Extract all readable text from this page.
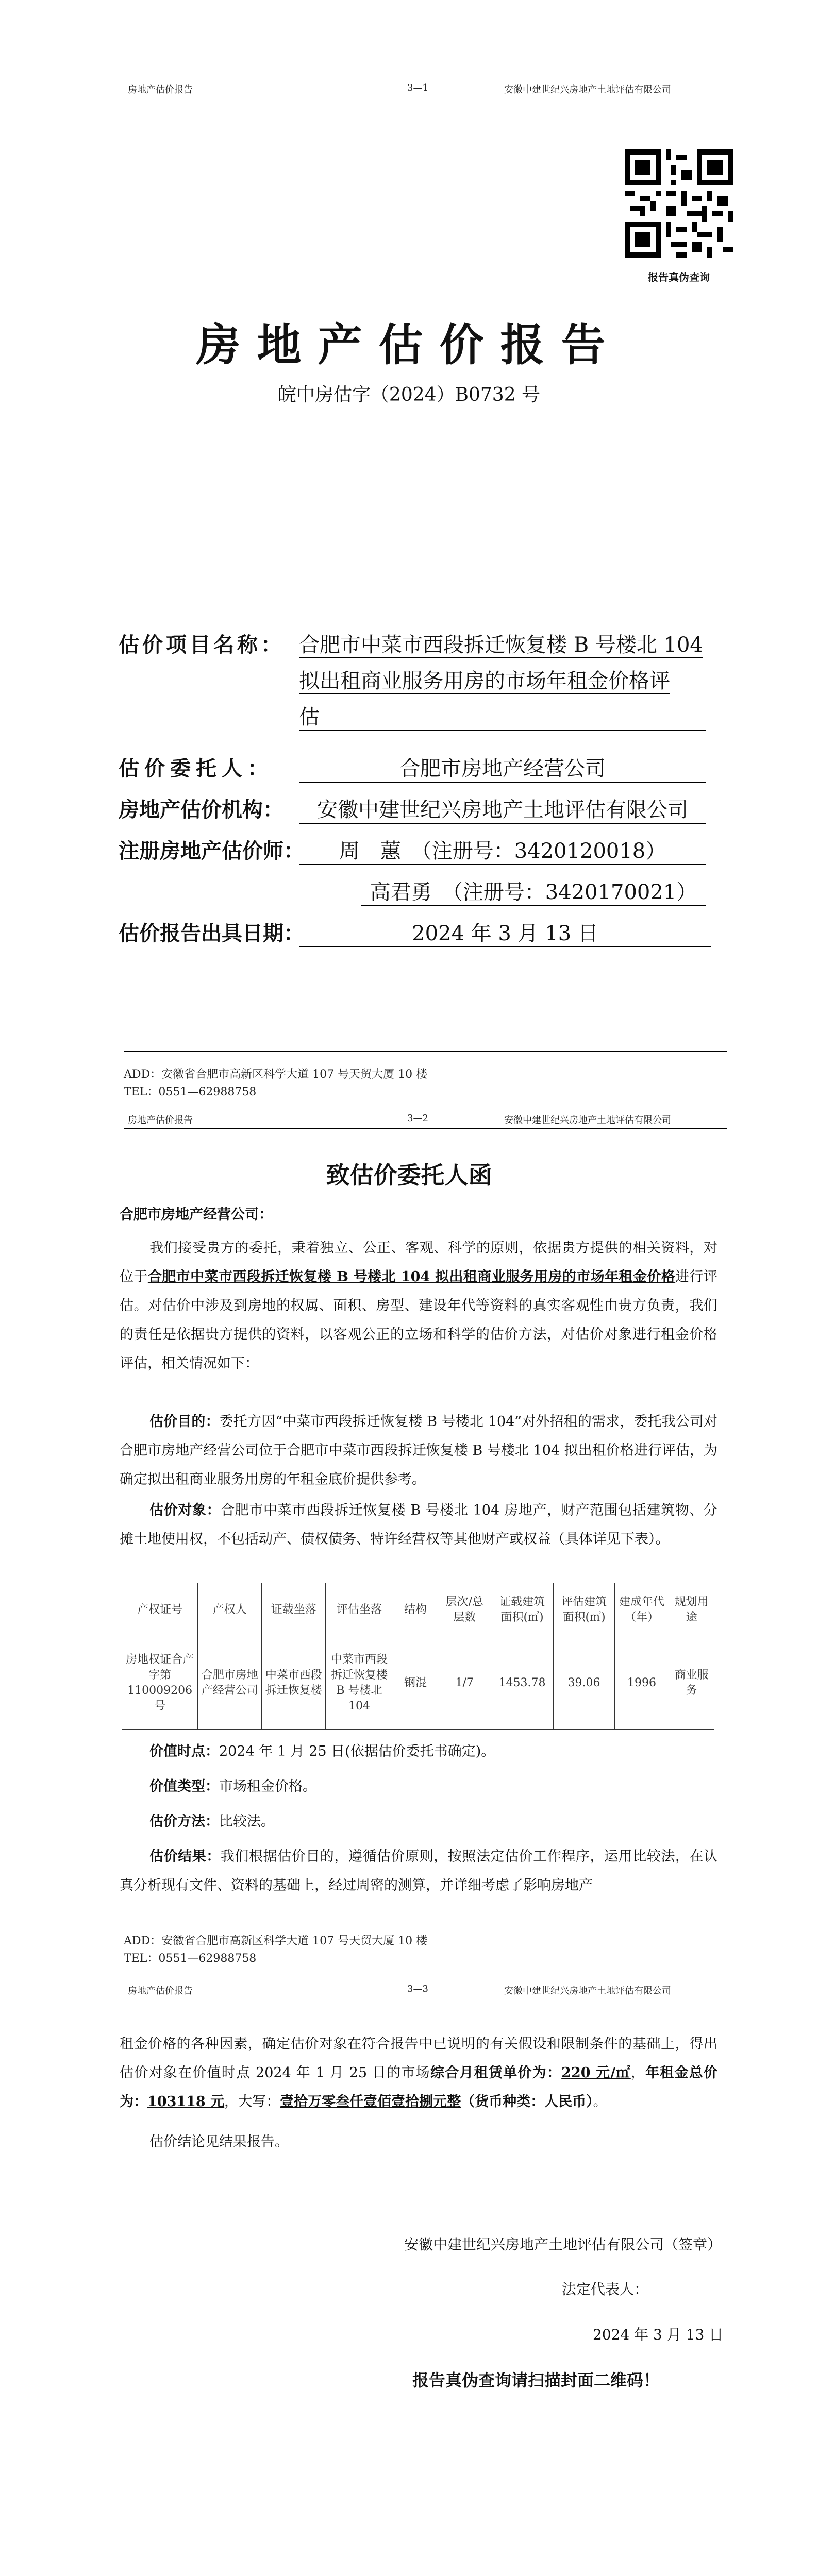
房地产估价报告	3—1	安徽中建世纪兴房地产土地评估有限公司
报告真伪查询
房地产估价报告
皖中房估字（2024）B0732 号
估价项目名称： 合肥市中菜市西段拆迁恢复楼 B 号楼北 104
拟出租商业服务用房的市场年租金价格评
估
估价委托人：	合肥市房地产经营公司
房地产估价机构：	安徽中建世纪兴房地产土地评估有限公司
注册房地产估价师：	周　蕙　（注册号：3420120018）
高君勇　（注册号：3420170021）
估价报告出具日期：	2024 年 3 月 13 日
ADD：安徽省合肥市高新区科学大道 107 号天贸大厦 10 楼
TEL：0551—62988758
房地产估价报告	3—2	安徽中建世纪兴房地产土地评估有限公司
致估价委托人函
合肥市房地产经营公司：
我们接受贵方的委托，秉着独立、公正、客观、科学的原则，依据贵方提供的相关资料，对位于合肥市中菜市西段拆迁恢复楼 B 号楼北 104 拟出租商业服务用房的市场年租金价格进行评估。对估价中涉及到房地的权属、面积、房型、建设年代等资料的真实客观性由贵方负责，我们的责任是依据贵方提供的资料，以客观公正的立场和科学的估价方法，对估价对象进行租金价格评估，相关情况如下：
估价目的：委托方因“中菜市西段拆迁恢复楼 B 号楼北 104”对外招租的需求，委托我公司对合肥市房地产经营公司位于合肥市中菜市西段拆迁恢复楼 B 号楼北 104 拟出租价格进行评估，为确定拟出租商业服务用房的年租金底价提供参考。
估价对象：合肥市中菜市西段拆迁恢复楼 B 号楼北 104 房地产，财产范围包括建筑物、分摊土地使用权，不包括动产、债权债务、特许经营权等其他财产或权益（具体详见下表）。
产权证号	产权人	证载坐落	评估坐落	结构	层次/总层数	证载建筑面积(㎡)	评估建筑面积(㎡)	建成年代（年）	规划用途
房地权证合产字第 110009206 号	合肥市房地产经营公司	中菜市西段拆迁恢复楼	中菜市西段拆迁恢复楼 B 号楼北 104	钢混	1/7	1453.78	39.06	1996	商业服务
价值时点：2024 年 1 月 25 日(依据估价委托书确定)。
价值类型：市场租金价格。
估价方法：比较法。
估价结果：我们根据估价目的，遵循估价原则，按照法定估价工作程序，运用比较法，在认真分析现有文件、资料的基础上，经过周密的测算，并详细考虑了影响房地产
ADD：安徽省合肥市高新区科学大道 107 号天贸大厦 10 楼
TEL：0551—62988758
房地产估价报告	3—3	安徽中建世纪兴房地产土地评估有限公司
租金价格的各种因素，确定估价对象在符合报告中已说明的有关假设和限制条件的基础上，得出估价对象在价值时点 2024 年 1 月 25 日的市场综合月租赁单价为：220 元/㎡，年租金总价为：103118 元，大写：壹拾万零叁仟壹佰壹拾捌元整（货币种类：人民币）。
估价结论见结果报告。
安徽中建世纪兴房地产土地评估有限公司（签章）
法定代表人：
2024 年 3 月 13 日
报告真伪查询请扫描封面二维码！
